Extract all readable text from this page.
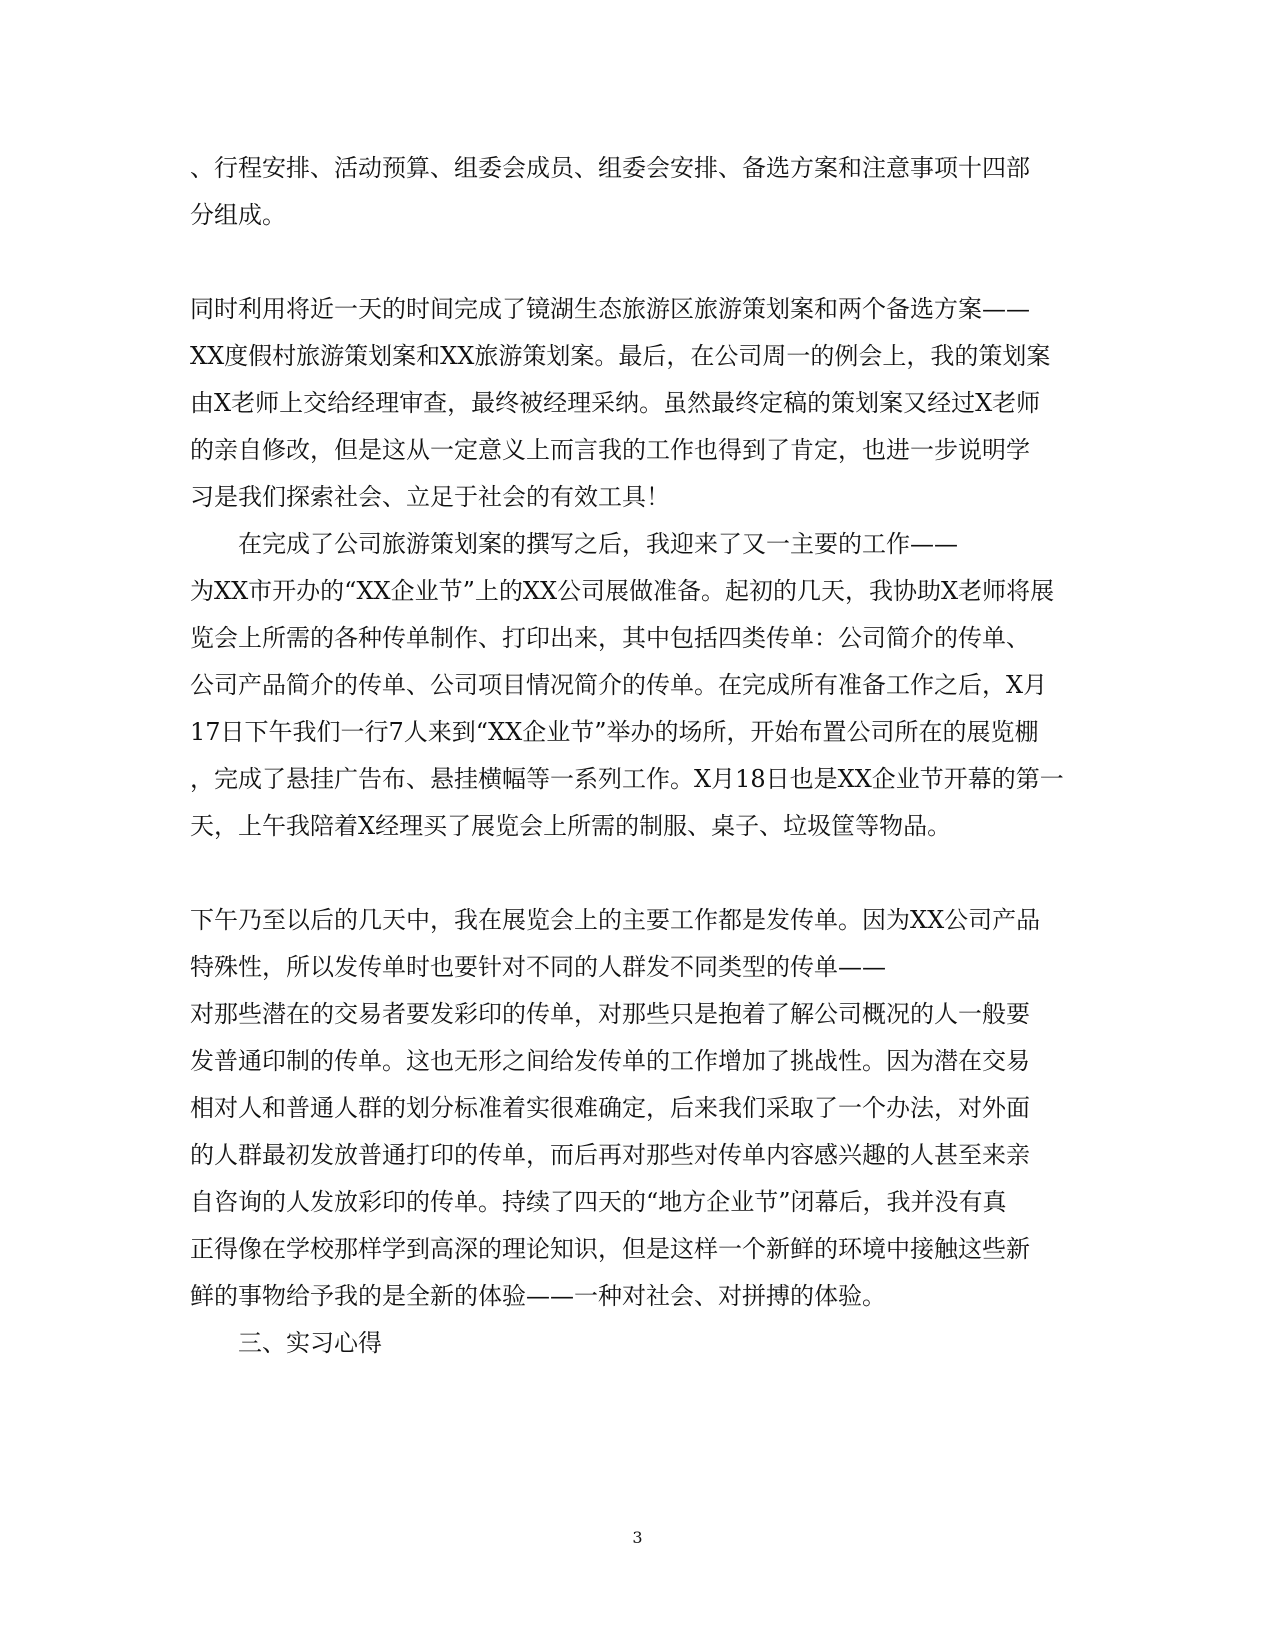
、行程安排、活动预算、组委会成员、组委会安排、备选方案和注意事项十四部
分组成。
同时利用将近一天的时间完成了镜湖生态旅游区旅游策划案和两个备选方案——
XX度假村旅游策划案和XX旅游策划案。最后，在公司周一的例会上，我的策划案
由X老师上交给经理审查，最终被经理采纳。虽然最终定稿的策划案又经过X老师
的亲自修改，但是这从一定意义上而言我的工作也得到了肯定，也进一步说明学
习是我们探索社会、立足于社会的有效工具！
在完成了公司旅游策划案的撰写之后，我迎来了又一主要的工作——
为XX市开办的“XX企业节”上的XX公司展做准备。起初的几天，我协助X老师将展
览会上所需的各种传单制作、打印出来，其中包括四类传单：公司简介的传单、
公司产品简介的传单、公司项目情况简介的传单。在完成所有准备工作之后，X月
17日下午我们一行7人来到“XX企业节”举办的场所，开始布置公司所在的展览棚
，完成了悬挂广告布、悬挂横幅等一系列工作。X月18日也是XX企业节开幕的第一
天，上午我陪着X经理买了展览会上所需的制服、桌子、垃圾筐等物品。
下午乃至以后的几天中，我在展览会上的主要工作都是发传单。因为XX公司产品
特殊性，所以发传单时也要针对不同的人群发不同类型的传单——
对那些潜在的交易者要发彩印的传单，对那些只是抱着了解公司概况的人一般要
发普通印制的传单。这也无形之间给发传单的工作增加了挑战性。因为潜在交易
相对人和普通人群的划分标准着实很难确定，后来我们采取了一个办法，对外面
的人群最初发放普通打印的传单，而后再对那些对传单内容感兴趣的人甚至来亲
自咨询的人发放彩印的传单。持续了四天的“地方企业节”闭幕后，我并没有真
正得像在学校那样学到高深的理论知识，但是这样一个新鲜的环境中接触这些新
鲜的事物给予我的是全新的体验——一种对社会、对拼搏的体验。
三、实习心得
3
